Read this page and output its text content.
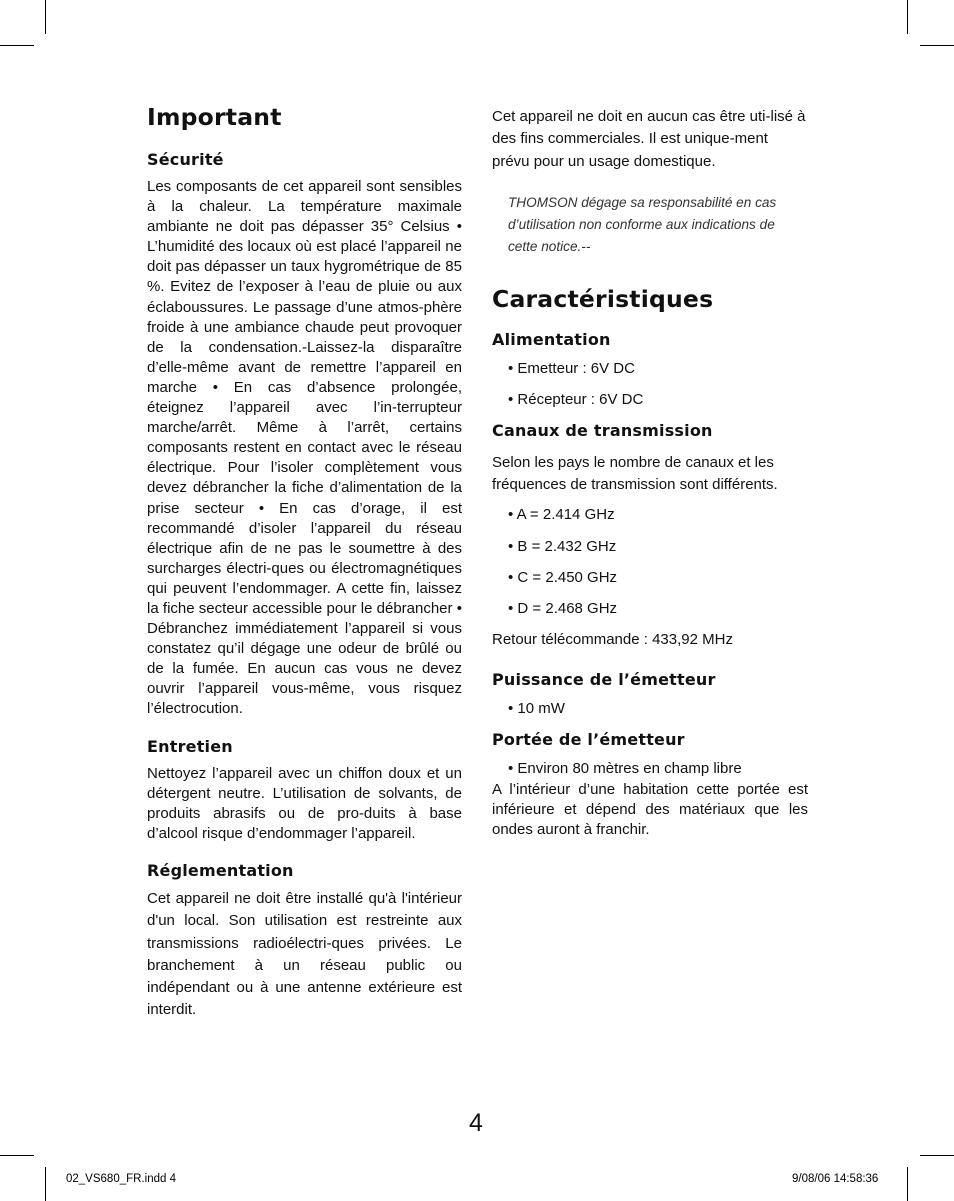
Important
Sécurité

Les composants de cet appareil sont sensibles à la chaleur. La température maximale ambiante ne doit pas dépasser 35° Celsius • L’humidité des locaux où est placé l’appareil ne doit pas dépasser un taux hygrométrique de 85 %. Evitez de l’exposer à l’eau de pluie ou aux éclaboussures. Le passage d’une atmos-phère froide à une ambiance chaude peut provoquer de la condensation.-Laissez-la disparaître d’elle-même avant de remettre l’appareil en marche • En cas d’absence prolongée, éteignez l’appareil avec l’in-terrupteur marche/arrêt. Même à l’arrêt, certains composants restent en contact avec le réseau électrique. Pour l’isoler complètement vous devez débrancher la fiche d’alimentation de la prise secteur • En cas d’orage, il est recommandé d’isoler l’appareil du réseau électrique afin de ne pas le soumettre à des surcharges électri-ques ou électromagnétiques qui peuvent l’endommager. A cette fin, laissez la fiche secteur accessible pour le débrancher • Débranchez immédiatement l’appareil si vous constatez qu’il dégage une odeur de brûlé ou de la fumée. En aucun cas vous ne devez ouvrir l’appareil vous-même, vous risquez l’électrocution.

Entretien

Nettoyez l’appareil avec un chiffon doux et un détergent neutre. L’utilisation de solvants, de produits abrasifs ou de pro-duits à base d’alcool risque d’endommager l’appareil.

Réglementation

Cet appareil ne doit être installé qu'à l'intérieur d'un local. Son utilisation est restreinte aux transmissions radioélectri-ques privées. Le branchement à un réseau public ou indépendant ou à une antenne extérieure est interdit.

Cet appareil ne doit en aucun cas être uti-lisé à des fins commerciales. Il est unique-ment prévu pour un usage domestique.

THOMSON dégage sa responsabilité en cas d’utilisation non conforme aux indications de cette notice.--

Caractéristiques
Alimentation
• Emetteur : 6V DC
• Récepteur : 6V DC
Canaux de transmission

Selon les pays le nombre de canaux et les fréquences de transmission sont différents.

• A = 2.414 GHz
• B = 2.432 GHz
• C = 2.450 GHz
• D = 2.468 GHz

Retour télécommande : 433,92 MHz

Puissance de l’émetteur
• 10 mW
Portée de l’émetteur
• Environ 80 mètres en champ libre

A l’intérieur d’une habitation cette portée est inférieure et dépend des matériaux que les ondes auront à franchir.

4
02_VS680_FR.indd 4	9/08/06 14:58:36
